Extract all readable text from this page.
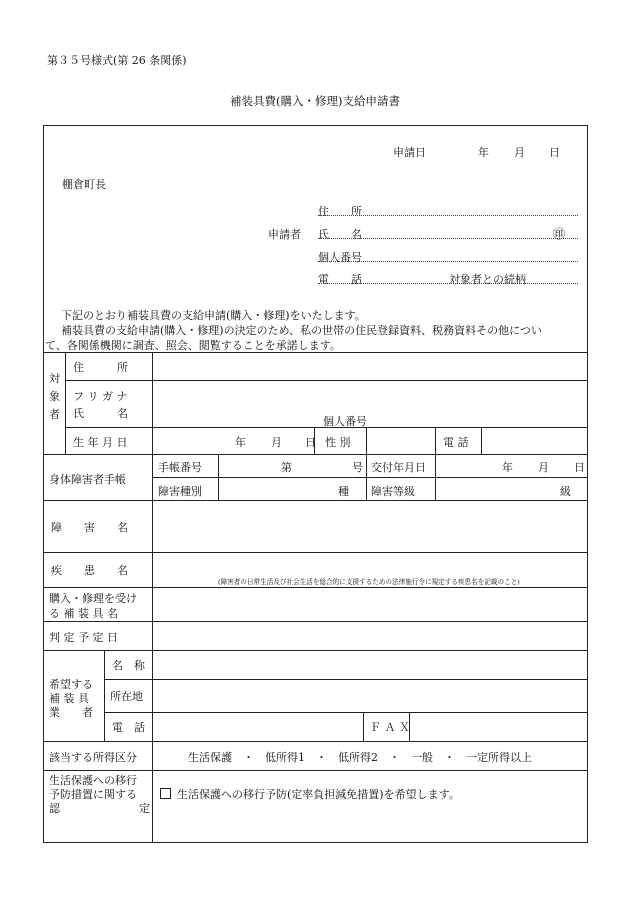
第３５号様式(第 26 条関係)
補装具費(購入・修理)支給申請書
申請日	年 月 日
棚倉町長
申請者
住　　所
氏　　名	㊞
個人番号
電　　話	対象者との続柄
下記のとおり補装具費の支給申請(購入・修理)をいたします。
補装具費の支給申請(購入・修理)の決定のため、私の世帯の住民登録資料、税務資料その他につい
て、各関係機関に調査、照会、閲覧することを承諾します。
対象者
住　　　所
フ リ ガ ナ
氏　　　名
個人番号
生 年 月 日	年 月 日 性 別	電 話
身体障害者手帳
手帳番号	第	号 交付年月日	年 月 日
障害種別	種 障害等級	級
障　　害　　名
疾　　患　　名
(障害者の日常生活及び社会生活を総合的に支援するための法律施行令に規定する疾患名を記載のこと)
購入・修理を受け
る 補 装 具 名
判 定 予 定 日
希望する
補 装 具
業　　者
名　称
所在地
電　話	Ｆ Ａ Ｘ
該当する所得区分	生活保護　・　低所得1　・　低所得2　・　一般　・　一定所得以上
生活保護への移行
予防措置に関する
認	定
生活保護への移行予防(定率負担減免措置)を希望します。
